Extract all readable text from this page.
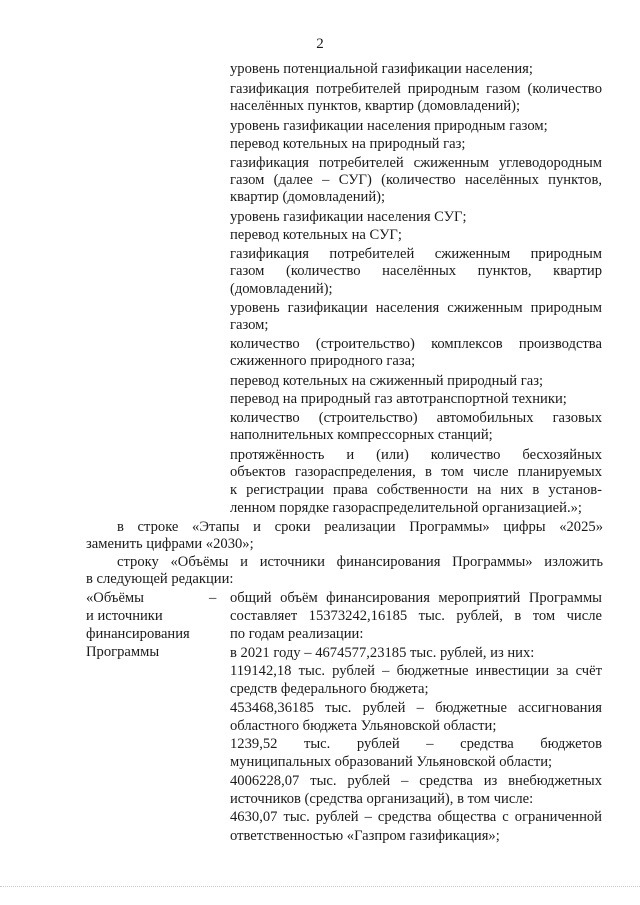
2
уровень потенциальной газификации населения;
газификация потребителей природным газом (количество
населённых пунктов, квартир (домовладений);
уровень газификации населения природным газом;
перевод котельных на природный газ;
газификация потребителей сжиженным углеводородным
газом (далее – СУГ) (количество населённых пунктов,
квартир (домовладений);
уровень газификации населения СУГ;
перевод котельных на СУГ;
газификация потребителей сжиженным природным
газом (количество населённых пунктов, квартир
(домовладений);
уровень газификации населения сжиженным природным
газом;
количество (строительство) комплексов производства
сжиженного природного газа;
перевод котельных на сжиженный природный газ;
перевод на природный газ автотранспортной техники;
количество (строительство) автомобильных газовых
наполнительных компрессорных станций;
протяжённость и (или) количество бесхозяйных
объектов газораспределения, в том числе планируемых
к регистрации права собственности на них в установ-
ленном порядке газораспределительной организацией.»;
в строке «Этапы и сроки реализации Программы» цифры «2025»
заменить цифрами «2030»;
строку «Объёмы и источники финансирования Программы» изложить
в следующей редакции:
«Объёмы
и источники
финансирования
Программы
– общий объём финансирования мероприятий Программы
составляет 15373242,16185 тыс. рублей, в том числе
по годам реализации:
в 2021 году – 4674577,23185 тыс. рублей, из них:
119142,18 тыс. рублей – бюджетные инвестиции за счёт
средств федерального бюджета;
453468,36185 тыс. рублей – бюджетные ассигнования
областного бюджета Ульяновской области;
1239,52 тыс. рублей – средства бюджетов
муниципальных образований Ульяновской области;
4006228,07 тыс. рублей – средства из внебюджетных
источников (средства организаций), в том числе:
4630,07 тыс. рублей – средства общества с ограниченной
ответственностью «Газпром газификация»;
